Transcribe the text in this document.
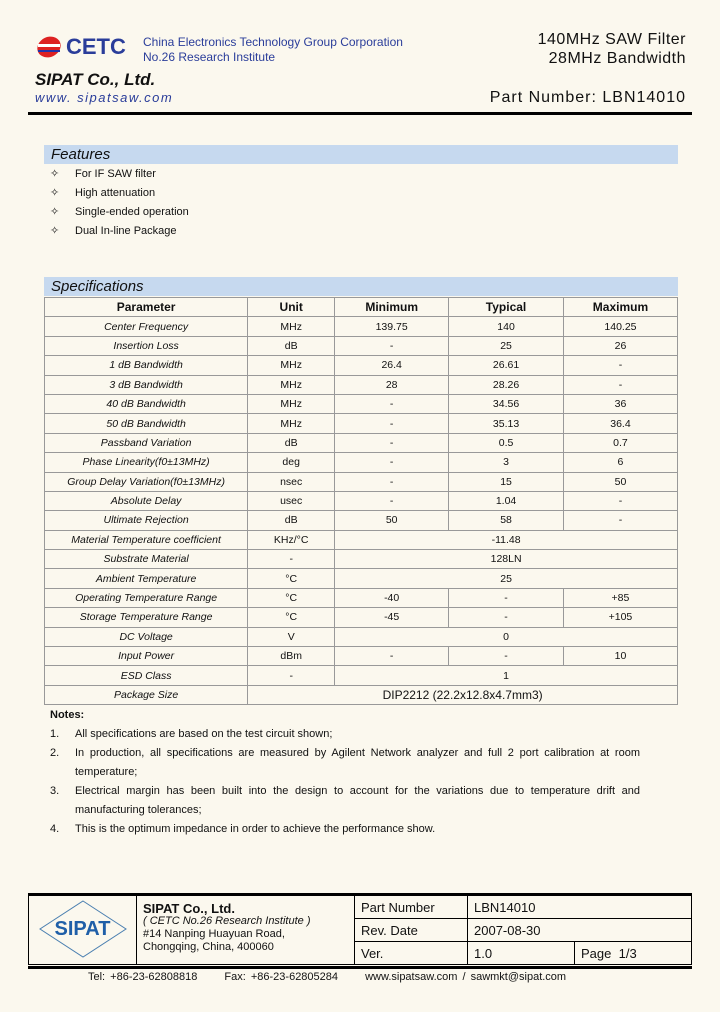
CETC China Electronics Technology Group Corporation
No.26 Research Institute
140MHz SAW Filter
28MHz Bandwidth
SIPAT Co., Ltd.
www. sipatsaw.com	Part Number: LBN14010
Features
✧ For IF SAW filter
✧ High attenuation
✧ Single-ended operation
✧ Dual In-line Package
Specifications
Parameter	Unit	Minimum	Typical	Maximum
Center Frequency	MHz	139.75	140	140.25
Insertion Loss	dB	-	25	26
1 dB Bandwidth	MHz	26.4	26.61	-
3 dB Bandwidth	MHz	28	28.26	-
40 dB Bandwidth	MHz	-	34.56	36
50 dB Bandwidth	MHz	-	35.13	36.4
Passband Variation	dB	-	0.5	0.7
Phase Linearity(f0±13MHz)	deg	-	3	6
Group Delay Variation(f0±13MHz)	nsec	-	15	50
Absolute Delay	usec	-	1.04	-
Ultimate Rejection	dB	50	58	-
Material Temperature coefficient	KHz/°C	-11.48		
Substrate Material	-	128LN		
Ambient Temperature	°C	25		
Operating Temperature Range	°C	-40	-	+85
Storage Temperature Range	°C	-45	-	+105
DC Voltage	V	0		
Input Power	dBm	-	-	10
ESD Class	-	1		
Package Size	DIP2212 (22.2x12.8x4.7mm3)			
Notes:
1.	All specifications are based on the test circuit shown;
2.	In production, all specifications are measured by Agilent Network analyzer and full 2 port calibration at room temperature;
3.	Electrical margin has been built into the design to account for the variations due to temperature drift and manufacturing tolerances;
4.	This is the optimum impedance in order to achieve the performance show.
SIPAT	SIPAT Co., Ltd.
( CETC No.26 Research Institute )
#14 Nanping Huayuan Road,
Chongqing, China, 400060	Part Number	LBN14010	
		Rev. Date	2007-08-30	
		Ver.	1.0	Page 1/3
Tel: +86-23-62808818 Fax: +86-23-62805284 www.sipatsaw.com / sawmkt@sipat.com
